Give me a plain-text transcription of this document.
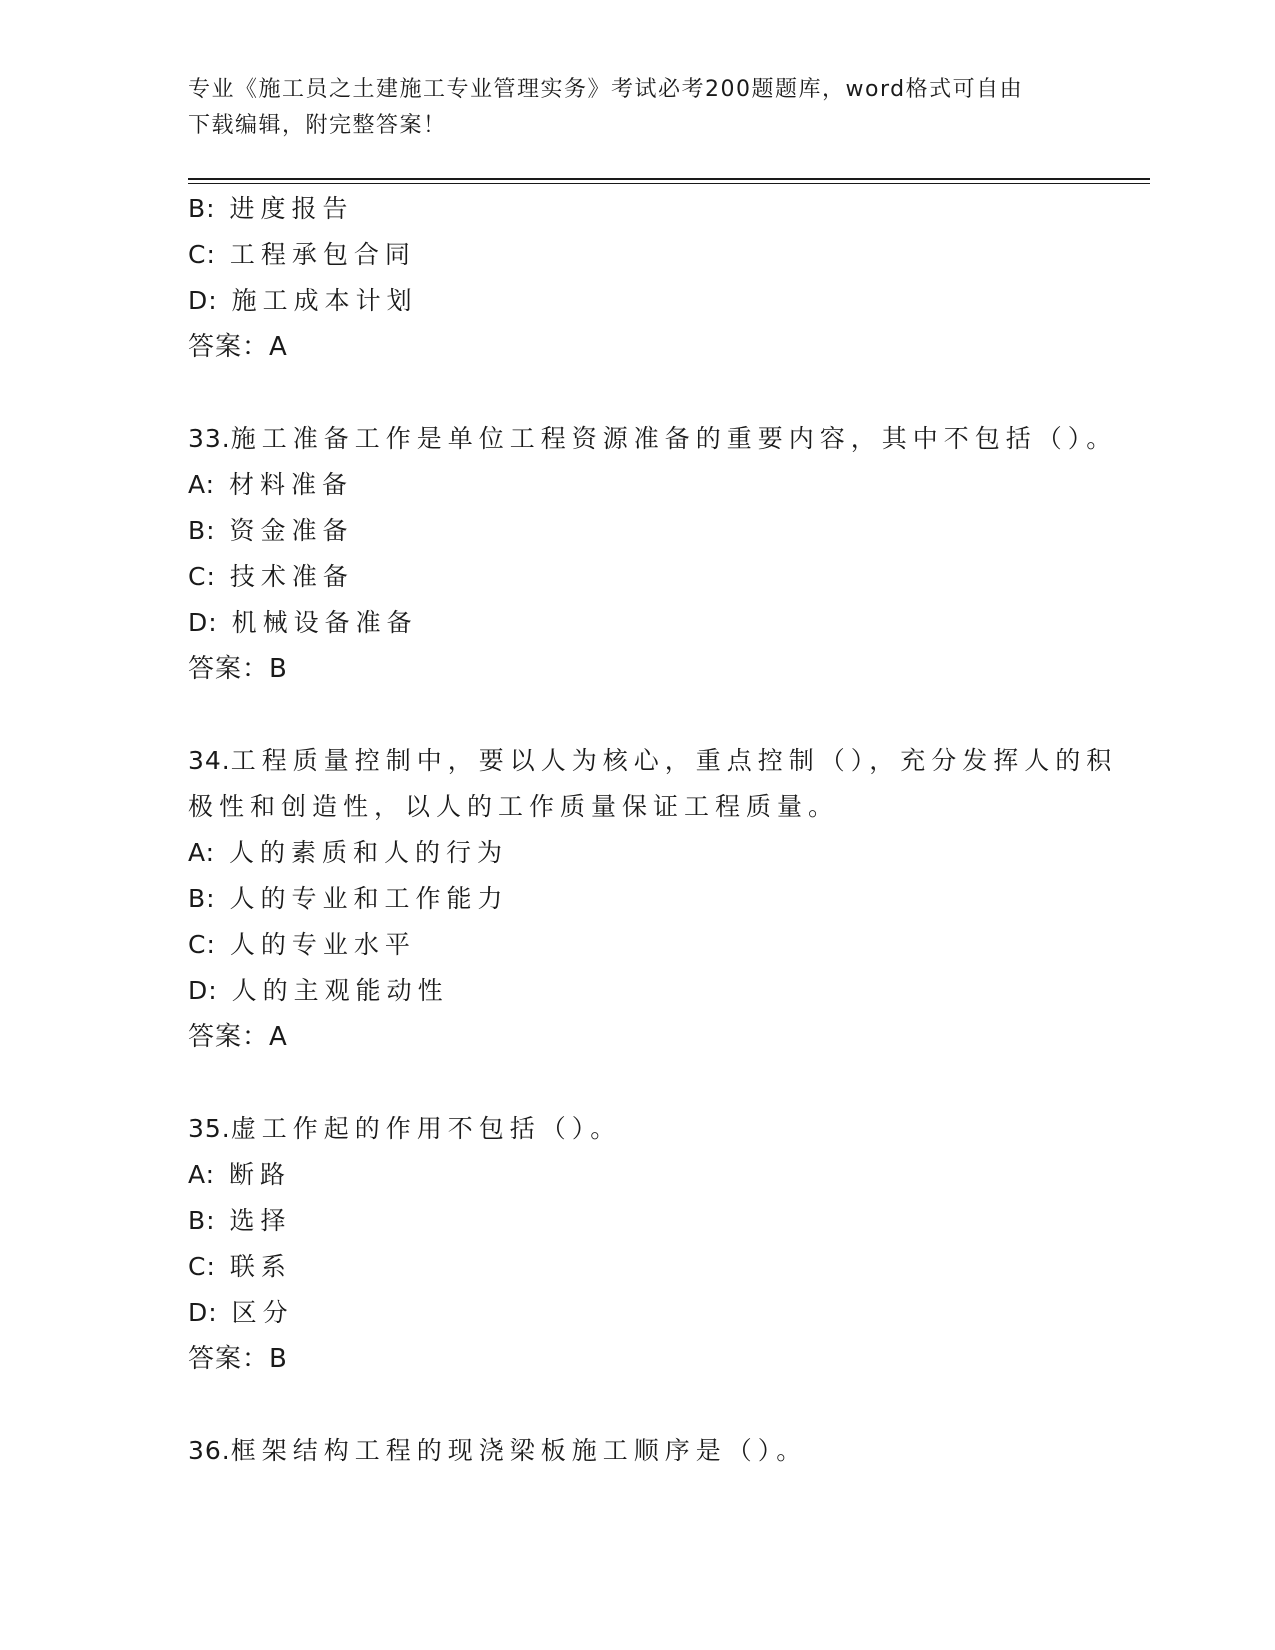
专业《施工员之土建施工专业管理实务》考试必考200题题库，word格式可自由
下载编辑，附完整答案！
B: 进度报告
C: 工程承包合同
D: 施工成本计划
答案：A
33.施工准备工作是单位工程资源准备的重要内容，其中不包括（）。
A: 材料准备
B: 资金准备
C: 技术准备
D: 机械设备准备
答案：B
34.工程质量控制中，要以人为核心，重点控制（），充分发挥人的积
极性和创造性，以人的工作质量保证工程质量。
A: 人的素质和人的行为
B: 人的专业和工作能力
C: 人的专业水平
D: 人的主观能动性
答案：A
35.虚工作起的作用不包括（）。
A: 断路
B: 选择
C: 联系
D: 区分
答案：B
36.框架结构工程的现浇梁板施工顺序是（）。
